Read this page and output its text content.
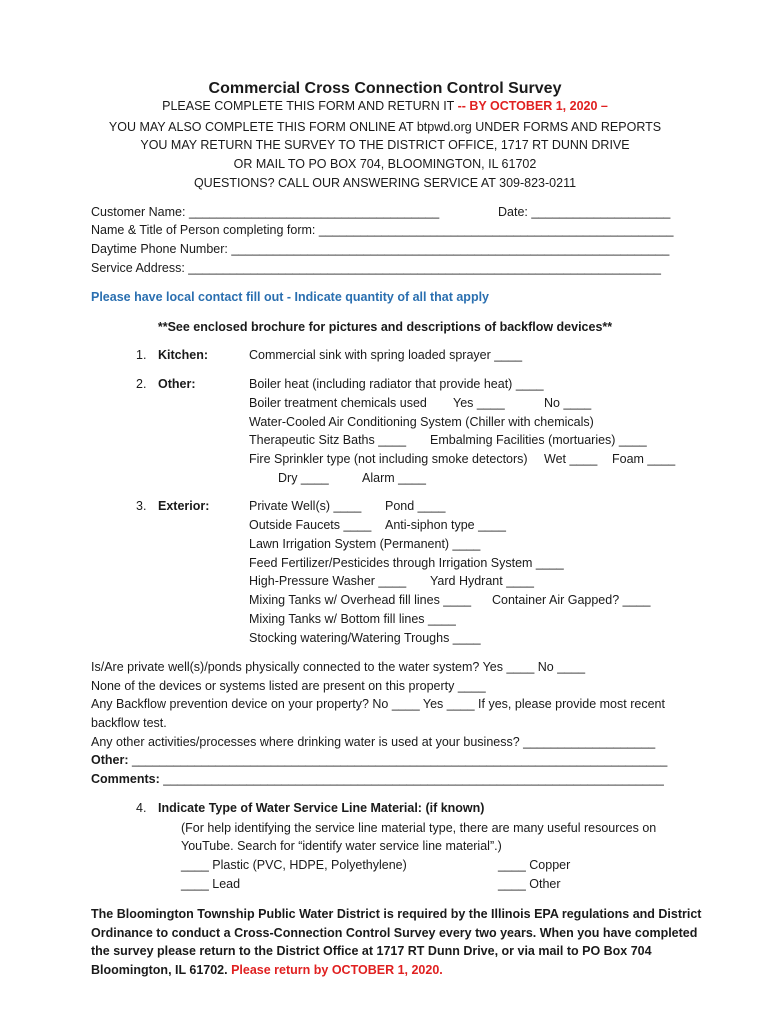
Commercial Cross Connection Control Survey
PLEASE COMPLETE THIS FORM AND RETURN IT -- BY OCTOBER 1, 2020 –
YOU MAY ALSO COMPLETE THIS FORM ONLINE AT btpwd.org UNDER FORMS AND REPORTS
YOU MAY RETURN THE SURVEY TO THE DISTRICT OFFICE, 1717 RT DUNN DRIVE
OR MAIL TO PO BOX 704, BLOOMINGTON, IL 61702
QUESTIONS? CALL OUR ANSWERING SERVICE AT 309-823-0211
Customer Name: ____________________________________	Date: ____________________
Name & Title of Person completing form: ___________________________________________________
Daytime Phone Number: _______________________________________________________________
Service Address: ____________________________________________________________________
Please have local contact fill out - Indicate quantity of all that apply
**See enclosed brochure for pictures and descriptions of backflow devices**
1. Kitchen:	Commercial sink with spring loaded sprayer ____
2. Other:	Boiler heat (including radiator that provide heat) ____
Boiler treatment chemicals used Yes ____	No ____
Water-Cooled Air Conditioning System (Chiller with chemicals)
Therapeutic Sitz Baths ____ Embalming Facilities (mortuaries) ____
Fire Sprinkler type (not including smoke detectors) Wet ____ Foam ____
Dry ____	Alarm ____
3. Exterior:	Private Well(s) ____ Pond ____
Outside Faucets ____ Anti-siphon type ____
Lawn Irrigation System (Permanent) ____
Feed Fertilizer/Pesticides through Irrigation System ____
High-Pressure Washer ____ Yard Hydrant ____
Mixing Tanks w/ Overhead fill lines ____ Container Air Gapped? ____
Mixing Tanks w/ Bottom fill lines ____
Stocking watering/Watering Troughs ____
Is/Are private well(s)/ponds physically connected to the water system? Yes ____ No ____
None of the devices or systems listed are present on this property ____
Any Backflow prevention device on your property? No ____ Yes ____ If yes, please provide most recent
backflow test.
Any other activities/processes where drinking water is used at your business? ___________________
Other: _____________________________________________________________________________
Comments: ________________________________________________________________________
4. Indicate Type of Water Service Line Material: (if known)
(For help identifying the service line material type, there are many useful resources on
YouTube. Search for “identify water service line material”.)
____ Plastic (PVC, HDPE, Polyethylene)	____ Copper
____ Lead	____ Other
The Bloomington Township Public Water District is required by the Illinois EPA regulations and District
Ordinance to conduct a Cross-Connection Control Survey every two years. When you have completed
the survey please return to the District Office at 1717 RT Dunn Drive, or via mail to PO Box 704
Bloomington, IL 61702. Please return by OCTOBER 1, 2020.
